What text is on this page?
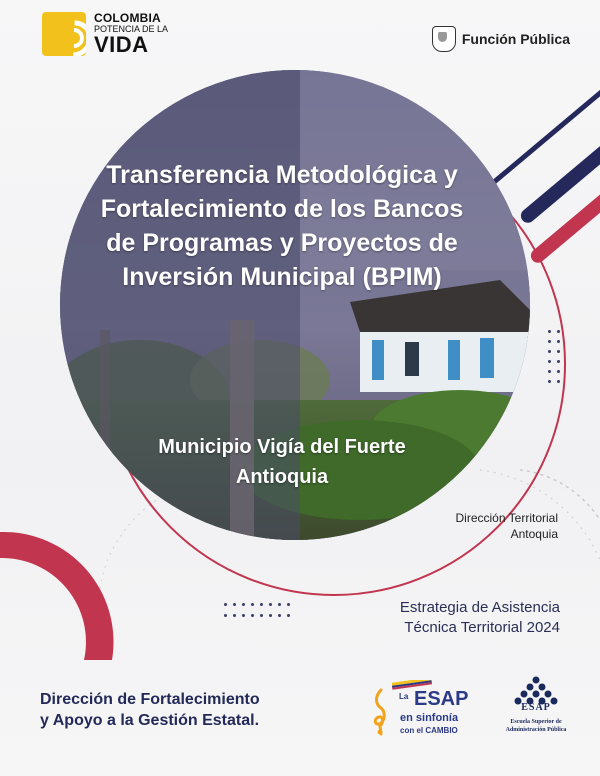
COLOMBIA
POTENCIA DE LA
VIDA	Función Pública
Transferencia Metodológica y Fortalecimiento de los Bancos de Programas y Proyectos de Inversión Municipal (BPIM)
Municipio Vigía del Fuerte
Antioquia
Dirección Territorial
Antoquia
Estrategia de Asistencia
Técnica Territorial 2024
Dirección de Fortalecimiento
y Apoyo a la Gestión Estatal.
La ESAP
en sinfonía
con el CAMBIO
ESAP
Escuela Superior de
Administración Pública
